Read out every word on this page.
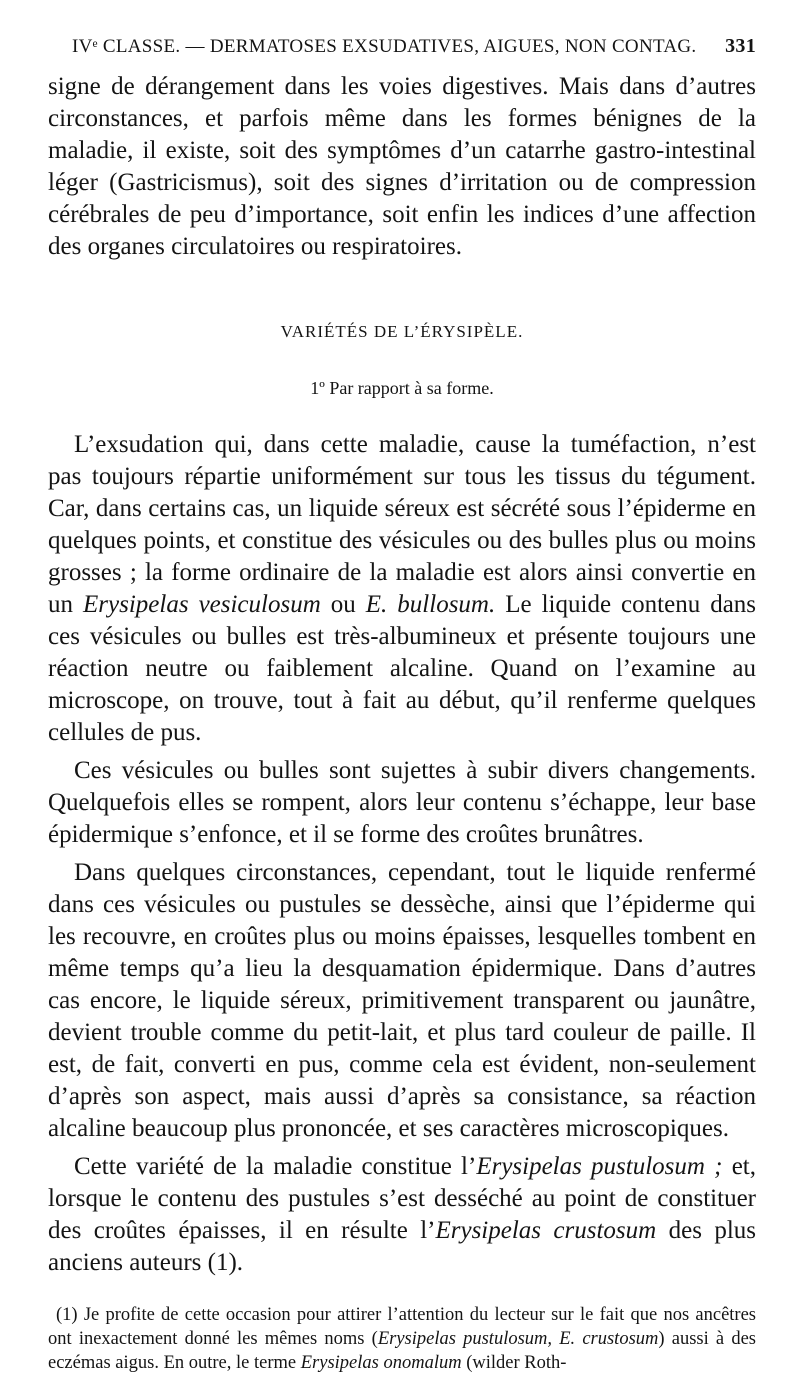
IVᵉ CLASSE. — DERMATOSES EXSUDATIVES, AIGUES, NON CONTAG. 331

signe de dérangement dans les voies digestives. Mais dans d’autres circonstances, et parfois même dans les formes bénignes de la maladie, il existe, soit des symptômes d’un catarrhe gastro-intestinal léger (Gastricismus), soit des signes d’irritation ou de compression cérébrales de peu d’importance, soit enfin les indices d’une affection des organes circulatoires ou respiratoires.

VARIÉTÉS DE L’ÉRYSIPÈLE.
1º Par rapport à sa forme.

L’exsudation qui, dans cette maladie, cause la tuméfaction, n’est pas toujours répartie uniformément sur tous les tissus du tégument. Car, dans certains cas, un liquide séreux est sécrété sous l’épiderme en quelques points, et constitue des vésicules ou des bulles plus ou moins grosses ; la forme ordinaire de la maladie est alors ainsi convertie en un Erysipelas vesiculosum ou E. bullosum. Le liquide contenu dans ces vésicules ou bulles est très-albumineux et présente toujours une réaction neutre ou faiblement alcaline. Quand on l’examine au microscope, on trouve, tout à fait au début, qu’il renferme quelques cellules de pus.

Ces vésicules ou bulles sont sujettes à subir divers changements. Quelquefois elles se rompent, alors leur contenu s’échappe, leur base épidermique s’enfonce, et il se forme des croûtes brunâtres.

Dans quelques circonstances, cependant, tout le liquide renfermé dans ces vésicules ou pustules se dessèche, ainsi que l’épiderme qui les recouvre, en croûtes plus ou moins épaisses, lesquelles tombent en même temps qu’a lieu la desquamation épidermique. Dans d’autres cas encore, le liquide séreux, primitivement transparent ou jaunâtre, devient trouble comme du petit-lait, et plus tard couleur de paille. Il est, de fait, converti en pus, comme cela est évident, non-seulement d’après son aspect, mais aussi d’après sa consistance, sa réaction alcaline beaucoup plus prononcée, et ses caractères microscopiques.

Cette variété de la maladie constitue l’Erysipelas pustulosum ; et, lorsque le contenu des pustules s’est desséché au point de constituer des croûtes épaisses, il en résulte l’Erysipelas crustosum des plus anciens auteurs (1).

(1) Je profite de cette occasion pour attirer l’attention du lecteur sur le fait que nos ancêtres ont inexactement donné les mêmes noms (Erysipelas pustulosum, E. crustosum) aussi à des eczémas aigus. En outre, le terme Erysipelas onomalum (wilder Roth-
